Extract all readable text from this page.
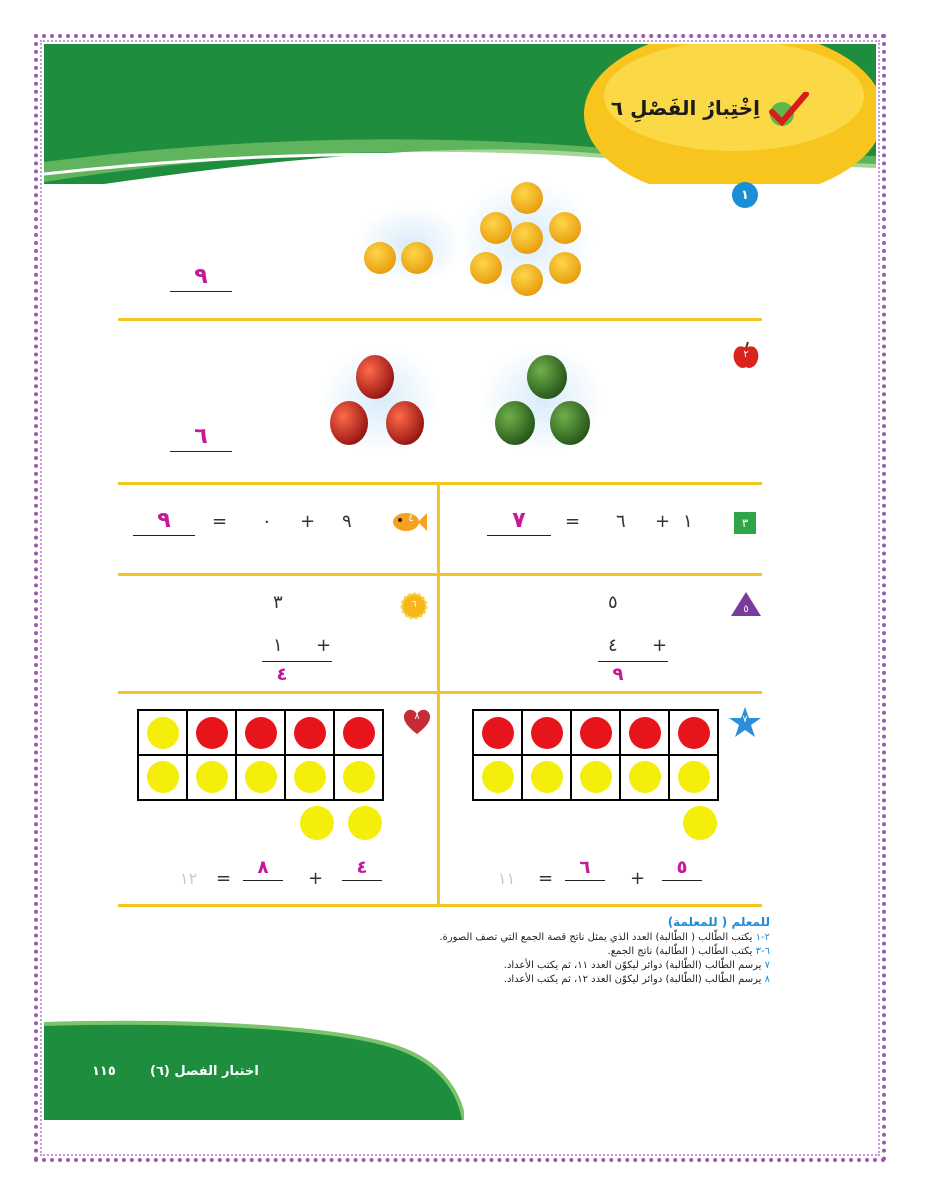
اِخْتِبارُ الفَصْلِ ٦
١
٩
٢
٦
٣
١
+
٦
=
٧
٤
٩
+
٠
=
٩
٥
٥
٤ +
٩
٦
٣
١ +
٤
٧
٥
+
٦
=
١١
٨
٤
+
٨
=
١٢
للمعلم ( للمعلمة)
٢-١ يكتب الطّالب ( الطّالبة) العدد الذي يمثل ناتج قصة الجمع التي تصف الصورة.
٦-٣ يكتب الطّالب ( الطّالبة) ناتج الجمع.
٧ يرسم الطّالب (الطّالبة) دوائر ليكوّن العدد ١١، ثم يكتب الأعداد.
٨ يرسم الطّالب (الطّالبة) دوائر ليكوّن العدد ١٢، ثم يكتب الأعداد.
اختبار الفصل (٦)
١١٥
